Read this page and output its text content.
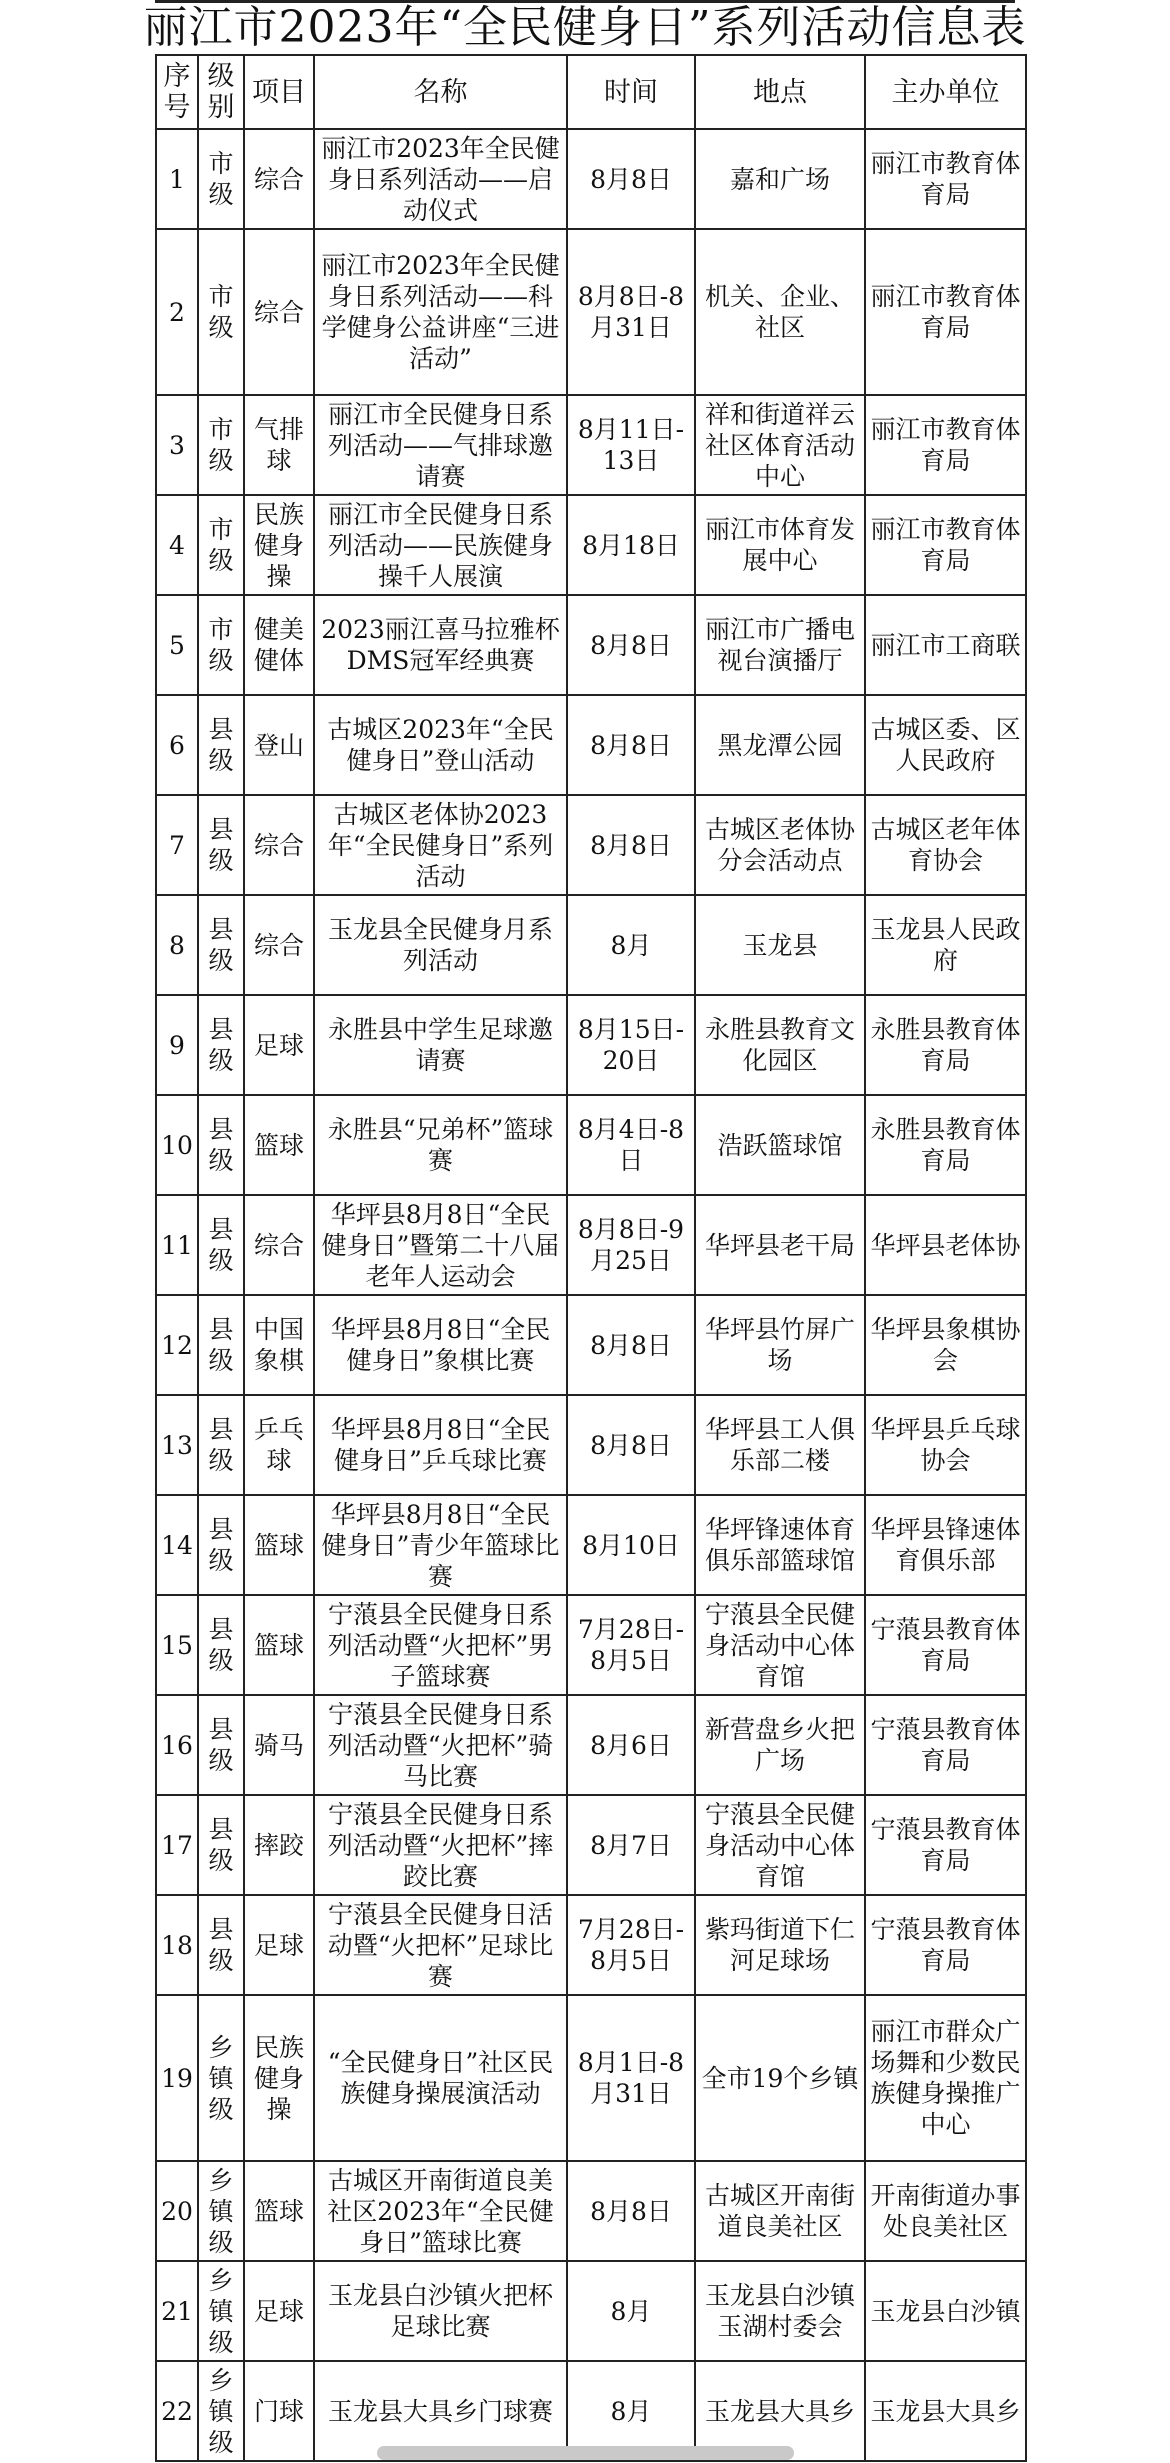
丽江市2023年“全民健身日”系列活动信息表
序号	级别	项目	名称	时间	地点	主办单位
1	市级	综合	丽江市2023年全民健身日系列活动——启动仪式	8月8日	嘉和广场	丽江市教育体育局
2	市级	综合	丽江市2023年全民健身日系列活动——科学健身公益讲座“三进活动”	8月8日-8月31日	机关、企业、社区	丽江市教育体育局
3	市级	气排球	丽江市全民健身日系列活动——气排球邀请赛	8月11日-13日	祥和街道祥云社区体育活动中心	丽江市教育体育局
4	市级	民族健身操	丽江市全民健身日系列活动——民族健身操千人展演	8月18日	丽江市体育发展中心	丽江市教育体育局
5	市级	健美健体	2023丽江喜马拉雅杯DMS冠军经典赛	8月8日	丽江市广播电视台演播厅	丽江市工商联
6	县级	登山	古城区2023年“全民健身日”登山活动	8月8日	黑龙潭公园	古城区委、区人民政府
7	县级	综合	古城区老体协2023年“全民健身日”系列活动	8月8日	古城区老体协分会活动点	古城区老年体育协会
8	县级	综合	玉龙县全民健身月系列活动	8月	玉龙县	玉龙县人民政府
9	县级	足球	永胜县中学生足球邀请赛	8月15日-20日	永胜县教育文化园区	永胜县教育体育局
10	县级	篮球	永胜县“兄弟杯”篮球赛	8月4日-8日	浩跃篮球馆	永胜县教育体育局
11	县级	综合	华坪县8月8日“全民健身日”暨第二十八届老年人运动会	8月8日-9月25日	华坪县老干局	华坪县老体协
12	县级	中国象棋	华坪县8月8日“全民健身日”象棋比赛	8月8日	华坪县竹屏广场	华坪县象棋协会
13	县级	乒乓球	华坪县8月8日“全民健身日”乒乓球比赛	8月8日	华坪县工人俱乐部二楼	华坪县乒乓球协会
14	县级	篮球	华坪县8月8日“全民健身日”青少年篮球比赛	8月10日	华坪锋速体育俱乐部篮球馆	华坪县锋速体育俱乐部
15	县级	篮球	宁蒗县全民健身日系列活动暨“火把杯”男子篮球赛	7月28日-8月5日	宁蒗县全民健身活动中心体育馆	宁蒗县教育体育局
16	县级	骑马	宁蒗县全民健身日系列活动暨“火把杯”骑马比赛	8月6日	新营盘乡火把广场	宁蒗县教育体育局
17	县级	摔跤	宁蒗县全民健身日系列活动暨“火把杯”摔跤比赛	8月7日	宁蒗县全民健身活动中心体育馆	宁蒗县教育体育局
18	县级	足球	宁蒗县全民健身日活动暨“火把杯”足球比赛	7月28日-8月5日	紫玛街道下仁河足球场	宁蒗县教育体育局
19	乡镇级	民族健身操	“全民健身日”社区民族健身操展演活动	8月1日-8月31日	全市19个乡镇	丽江市群众广场舞和少数民族健身操推广中心
20	乡镇级	篮球	古城区开南街道良美社区2023年“全民健身日”篮球比赛	8月8日	古城区开南街道良美社区	开南街道办事处良美社区
21	乡镇级	足球	玉龙县白沙镇火把杯足球比赛	8月	玉龙县白沙镇玉湖村委会	玉龙县白沙镇
22	乡镇级	门球	玉龙县大具乡门球赛	8月	玉龙县大具乡	玉龙县大具乡
